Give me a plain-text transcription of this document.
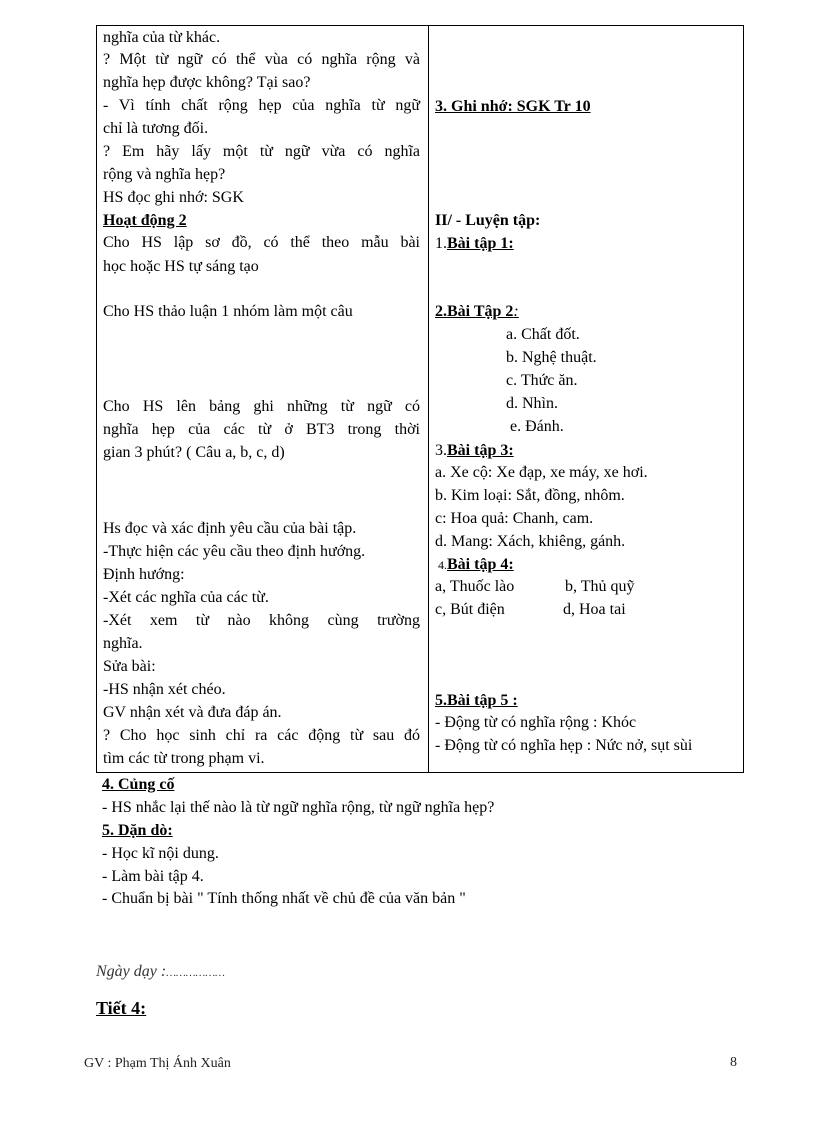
nghĩa của từ khác.
? Một từ ngữ có thể vùa có nghĩa rộng và
nghĩa hẹp được không? Tại sao?
- Vì tính chất rộng hẹp của nghĩa từ ngữ
chỉ là tương đối.
? Em hãy lấy một từ ngữ vừa có nghĩa
rộng và nghĩa hẹp?
HS đọc ghi nhớ: SGK
Hoạt động 2
Cho HS lập sơ đồ, có thể theo mẫu bài
học hoặc HS tự sáng tạo
Cho HS thảo luận 1 nhóm làm một câu
Cho HS lên bảng ghi những từ ngữ có
nghĩa hẹp của các từ ở BT3 trong thời
gian 3 phút? ( Câu a, b, c, d)
Hs đọc và xác định yêu cầu của bài tập.
-Thực hiện các yêu cầu theo định hướng.
Định hướng:
-Xét các nghĩa của các từ.
-Xét xem từ nào không cùng trường
nghĩa.
Sửa bài:
-HS nhận xét chéo.
GV nhận xét và đưa đáp án.
? Cho học sinh chỉ ra các động từ sau đó
tìm các từ trong phạm vi.
3. Ghi nhớ: SGK Tr 10
II/ - Luyện tập:
1.Bài tập 1:
2.Bài Tập 2:
a. Chất đốt.
b. Nghệ thuật.
c. Thức ăn.
d. Nhìn.
e. Đánh.
3.Bài tập 3:
a. Xe cộ: Xe đạp, xe máy, xe hơi.
b. Kim loại: Sắt, đồng, nhôm.
c: Hoa quả: Chanh, cam.
d. Mang: Xách, khiêng, gánh.
4.Bài tập 4:
a, Thuốc lào	b, Thủ quỹ
c, Bút điện	d, Hoa tai
5.Bài tập 5 :
- Động từ có nghĩa rộng : Khóc
- Động từ có nghĩa hẹp : Nức nở, sụt sùi
4. Củng cố
- HS nhắc lại thế nào là từ ngữ nghĩa rộng, từ ngữ nghĩa hẹp?
5. Dặn dò:
- Học kĩ nội dung.
- Làm bài tập 4.
- Chuẩn bị bài " Tính thống nhất về chủ đề của văn bản "
Ngày dạy :………………
Tiết 4:
GV : Phạm Thị Ánh Xuân	8
